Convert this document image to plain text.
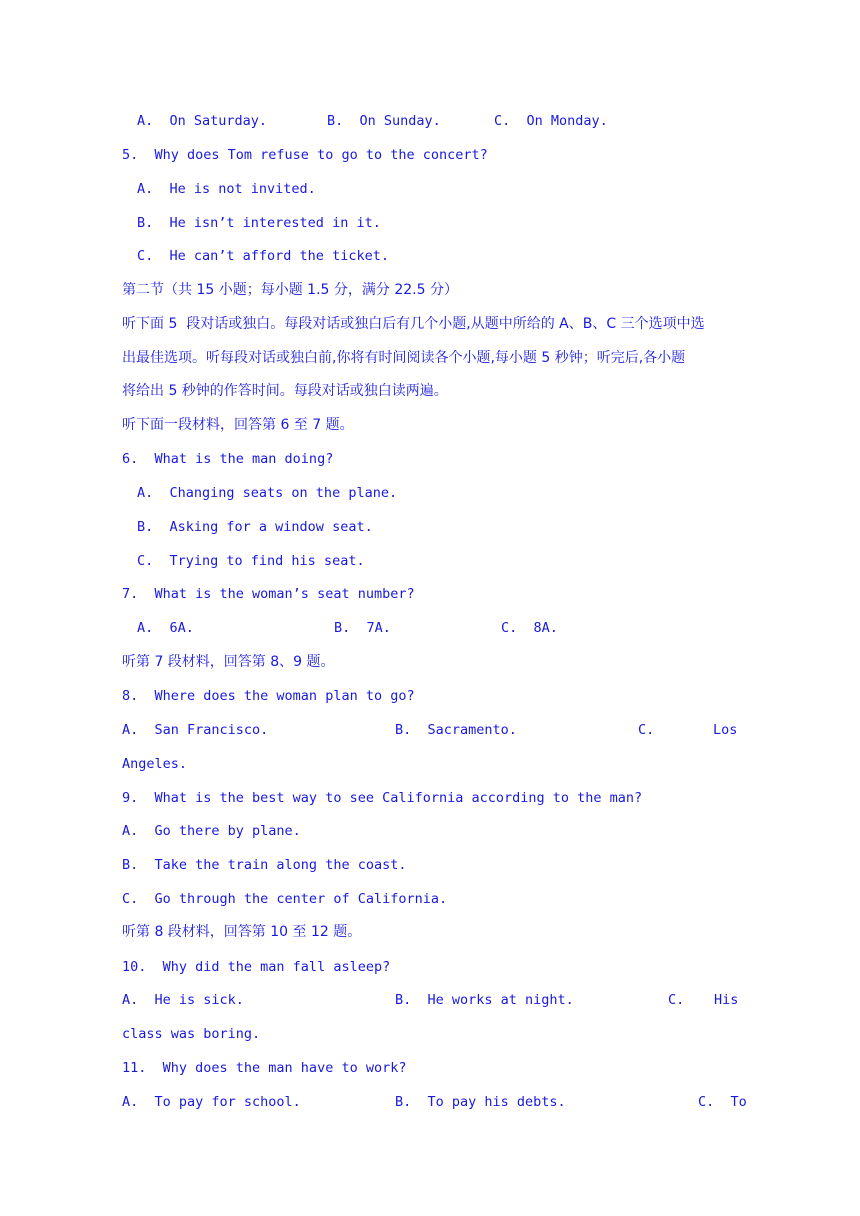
A.  On Saturday.

	B.  On Sunday.

	C.  On Monday.

5.  Why does Tom refuse to go to the concert?

A.  He is not invited.

B.  He isn’t interested in it.

C.  He can’t afford the ticket.

第二节（共 15 小题；每小题 1.5 分，满分 22.5 分）

听下面 5  段对话或独白。每段对话或独白后有几个小题,从题中所给的 A、B、C 三个选项中选

出最佳选项。听每段对话或独白前,你将有时间阅读各个小题,每小题 5 秒钟；听完后,各小题

将给出 5 秒钟的作答时间。每段对话或独白读两遍。

听下面一段材料，回答第 6 至 7 题。

6.  What is the man doing?

A.  Changing seats on the plane.

B.  Asking for a window seat.

C.  Trying to find his seat.

7.  What is the woman’s seat number?

A.  6A.

	B.  7A.

	C.  8A.

听第 7 段材料，回答第 8、9 题。

8.  Where does the woman plan to go?

A.  San Francisco.

	B.  Sacramento.

	C.

	Los

Angeles.

9.  What is the best way to see California according to the man?

A.  Go there by plane.

B.  Take the train along the coast.

C.  Go through the center of California.

听第 8 段材料，回答第 10 至 12 题。

10.  Why did the man fall asleep?

A.  He is sick.

	B.  He works at night.

	C.

His

class was boring.

11.  Why does the man have to work?

A.  To pay for school.

	B.  To pay his debts.

	C.  To
